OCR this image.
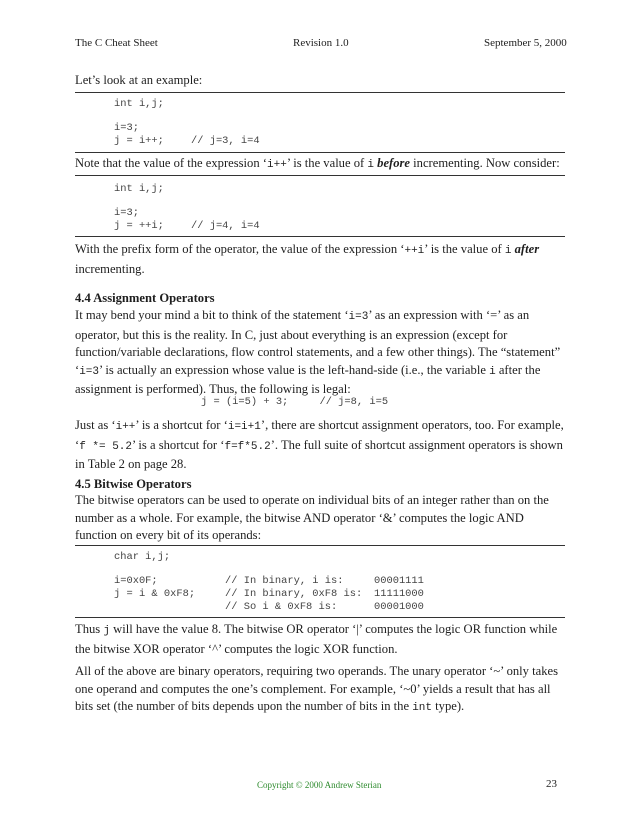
The C Cheat Sheet	Revision 1.0	September 5, 2000
Let’s look at an example:
int i,j;
i=3;
j = i++;	// j=3, i=4
Note that the value of the expression ‘i++’ is the value of i before incrementing. Now consider:
int i,j;
i=3;
j = ++i;	// j=4, i=4
With the prefix form of the operator, the value of the expression ‘++i’ is the value of i after incrementing.
4.4 Assignment Operators
It may bend your mind a bit to think of the statement ‘i=3’ as an expression with ‘=’ as an operator, but this is the reality. In C, just about everything is an expression (except for function/variable declarations, flow control statements, and a few other things). The “statement” ‘i=3’ is actually an expression whose value is the left-hand-side (i.e., the variable i after the assignment is performed). Thus, the following is legal:
j = (i=5) + 3;     // j=8, i=5
Just as ‘i++’ is a shortcut for ‘i=i+1’, there are shortcut assignment operators, too. For example, ‘f *= 5.2’ is a shortcut for ‘f=f*5.2’. The full suite of shortcut assignment operators is shown in Table 2 on page 28.
4.5 Bitwise Operators
The bitwise operators can be used to operate on individual bits of an integer rather than on the number as a whole. For example, the bitwise AND operator ‘&’ computes the logic AND function on every bit of its operands:
char i,j;
i=0x0F;	// In binary, i is:	00001111
j = i & 0xF8;	// In binary, 0xF8 is: 11111000
// So i & 0xF8 is:	00001000
Thus j will have the value 8. The bitwise OR operator ‘|’ computes the logic OR function while the bitwise XOR operator ‘^’ computes the logic XOR function.
All of the above are binary operators, requiring two operands. The unary operator ‘~’ only takes one operand and computes the one’s complement. For example, ‘~0’ yields a result that has all bits set (the number of bits depends upon the number of bits in the int type).
Copyright © 2000 Andrew Sterian	23
